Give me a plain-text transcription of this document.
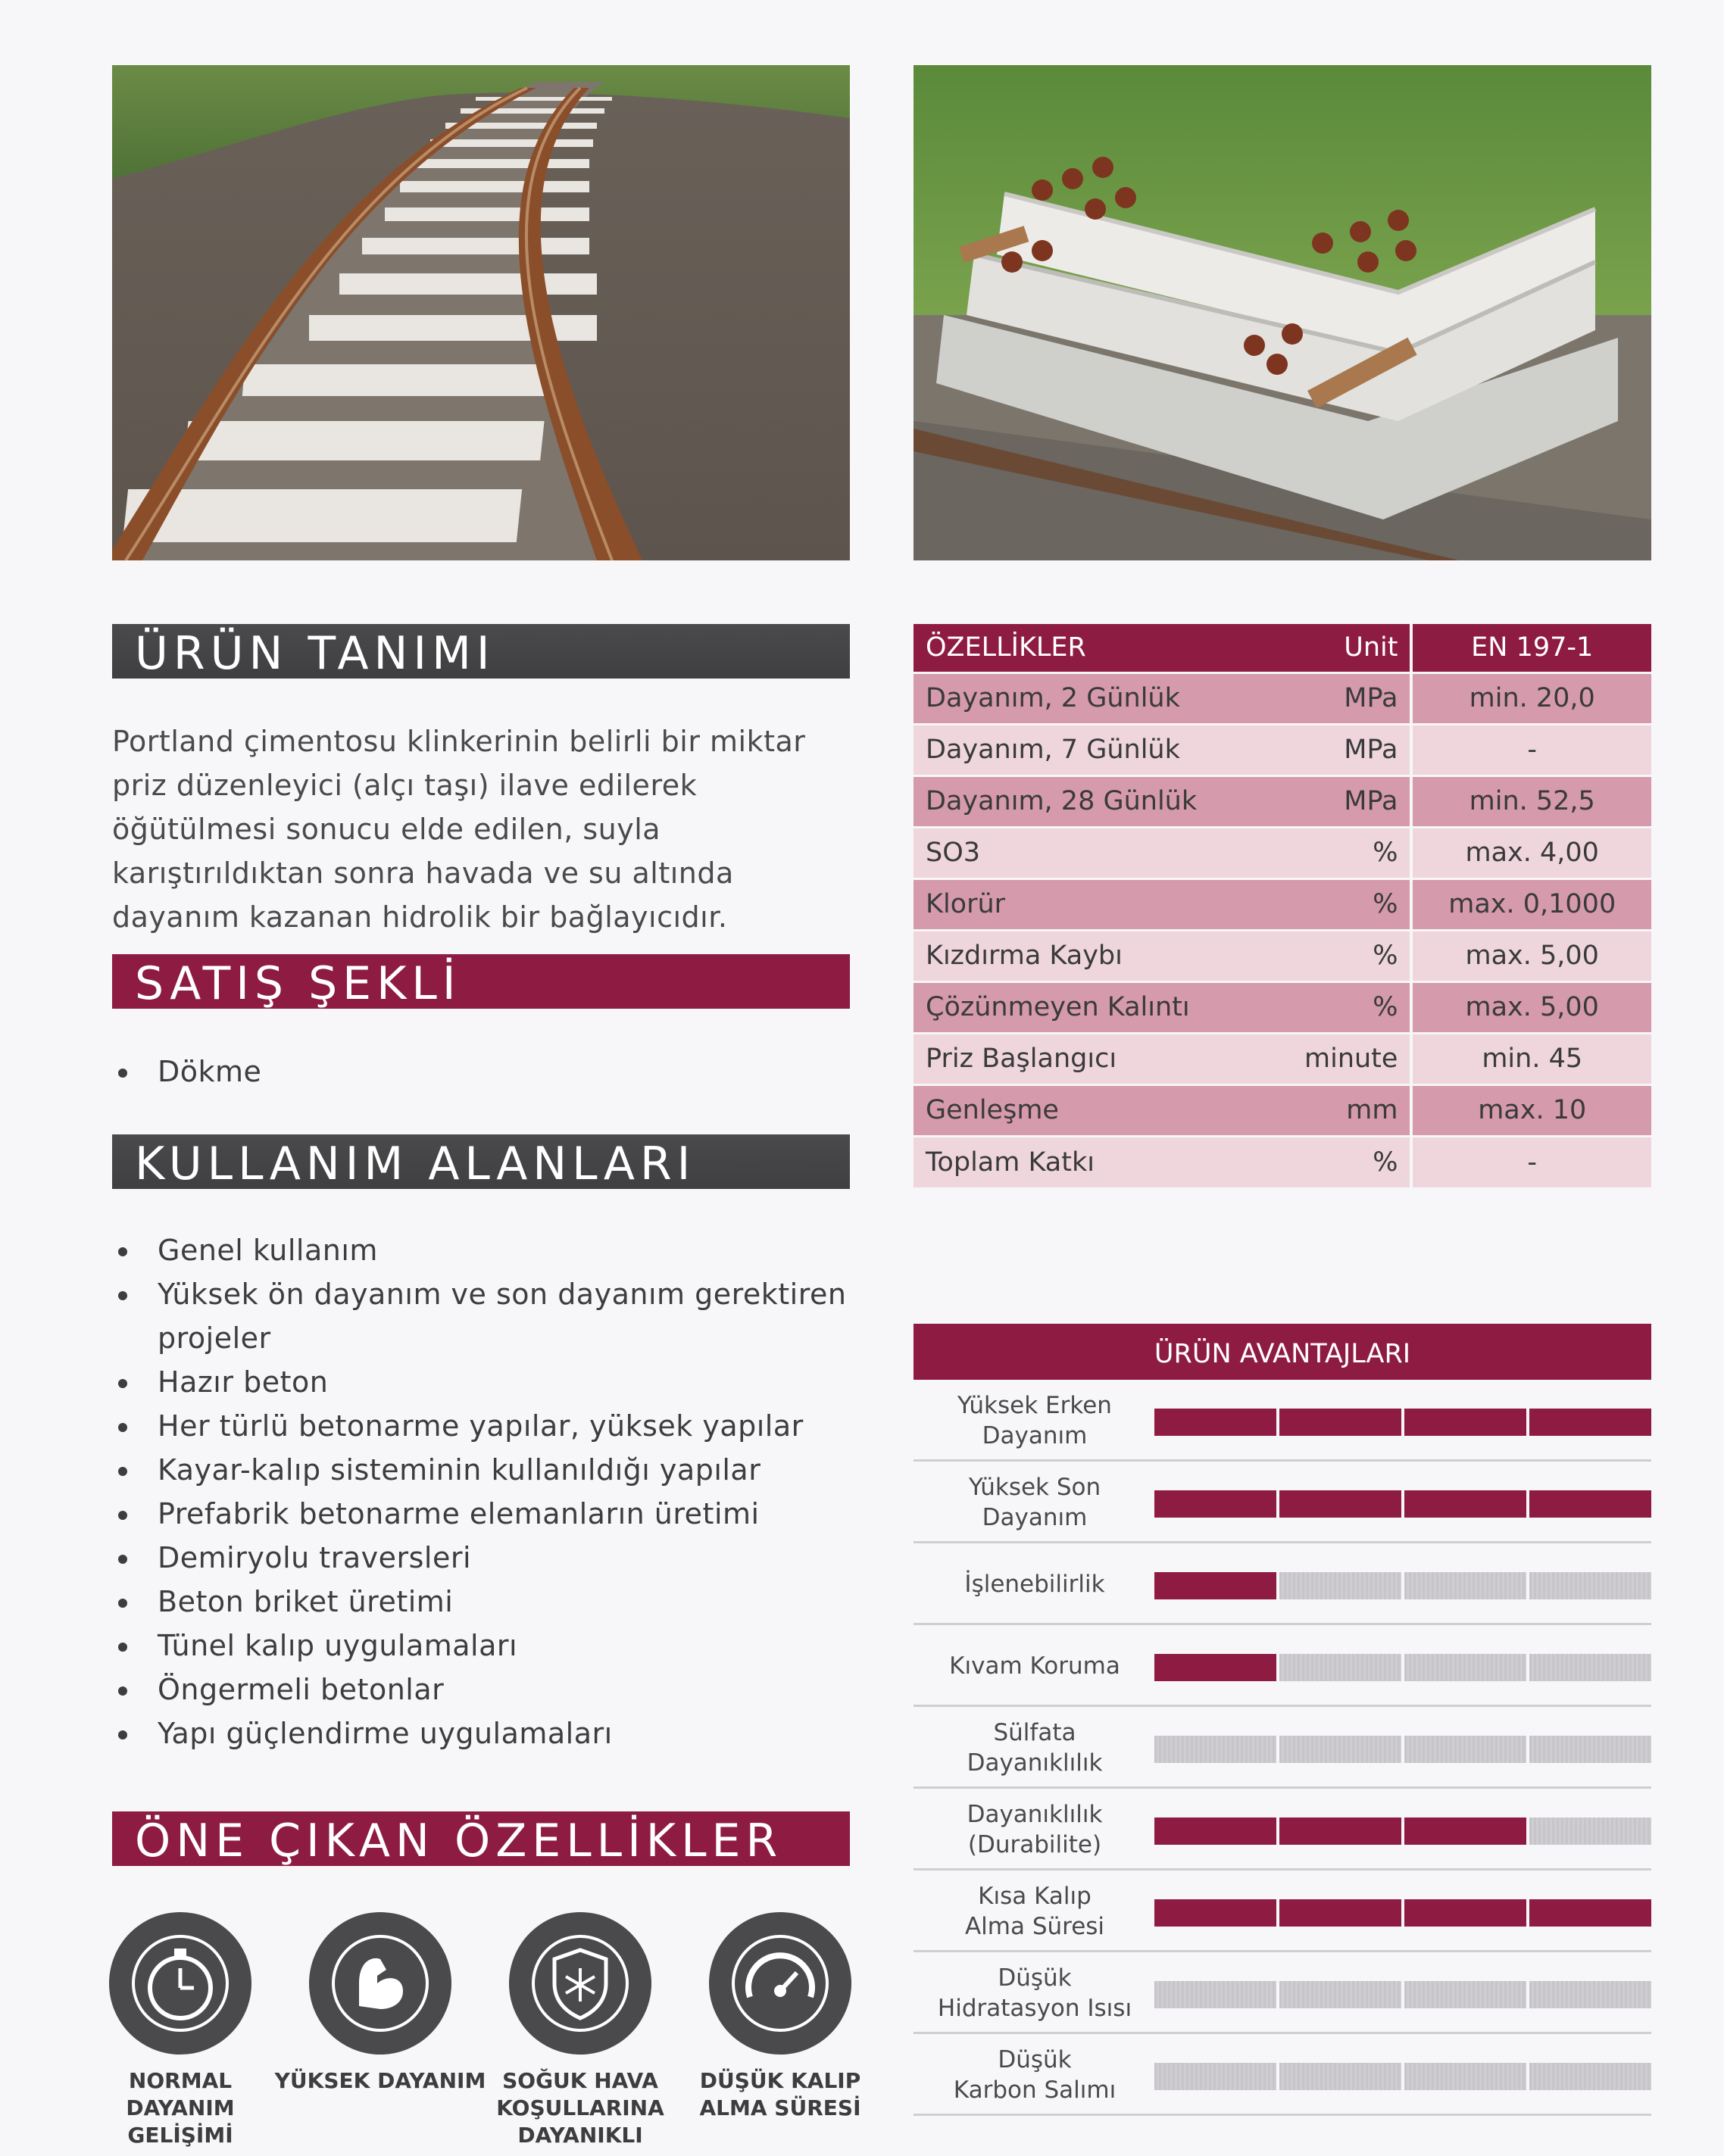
ÜRÜN TANIMI

Portland çimentosu klinkerinin belirli bir miktar priz düzenleyici (alçı taşı) ilave edilerek öğütülmesi sonucu elde edilen, suyla karıştırıldıktan sonra havada ve su altında dayanım kazanan hidrolik bir bağlayıcıdır.

SATIŞ ŞEKLİ
Dökme
KULLANIM ALANLARI
Genel kullanım
Yüksek ön dayanım ve son dayanım gerektiren projeler
Hazır beton
Her türlü betonarme yapılar, yüksek yapılar
Kayar-kalıp sisteminin kullanıldığı yapılar
Prefabrik betonarme elemanların üretimi
Demiryolu traversleri
Beton briket üretimi
Tünel kalıp uygulamaları
Öngermeli betonlar
Yapı güçlendirme uygulamaları
ÖNE ÇIKAN ÖZELLİKLER
NORMAL DAYANIM GELİŞİMİ
YÜKSEK DAYANIM SOĞUK HAVA KOŞULLARINA DAYANIKLI
DÜŞÜK KALIP ALMA SÜRESİ
ÖZELLİKLER	Unit	EN 197-1
Dayanım, 2 Günlük	MPa	min. 20,0
Dayanım, 7 Günlük	MPa	-
Dayanım, 28 Günlük	MPa	min. 52,5
SO3	%	max. 4,00
Klorür	%	max. 0,1000
Kızdırma Kaybı	%	max. 5,00
Çözünmeyen Kalıntı	%	max. 5,00
Priz Başlangıcı	minute	min. 45
Genleşme	mm	max. 10
Toplam Katkı	%	-
ÜRÜN AVANTAJLARI
Yüksek Erken
Dayanım
Yüksek Son
Dayanım
İşlenebilirlik
Kıvam Koruma
Sülfata
Dayanıklılık
Dayanıklılık
(Durabilite)
Kısa Kalıp
Alma Süresi
Düşük
Hidratasyon Isısı
Düşük
Karbon Salımı
